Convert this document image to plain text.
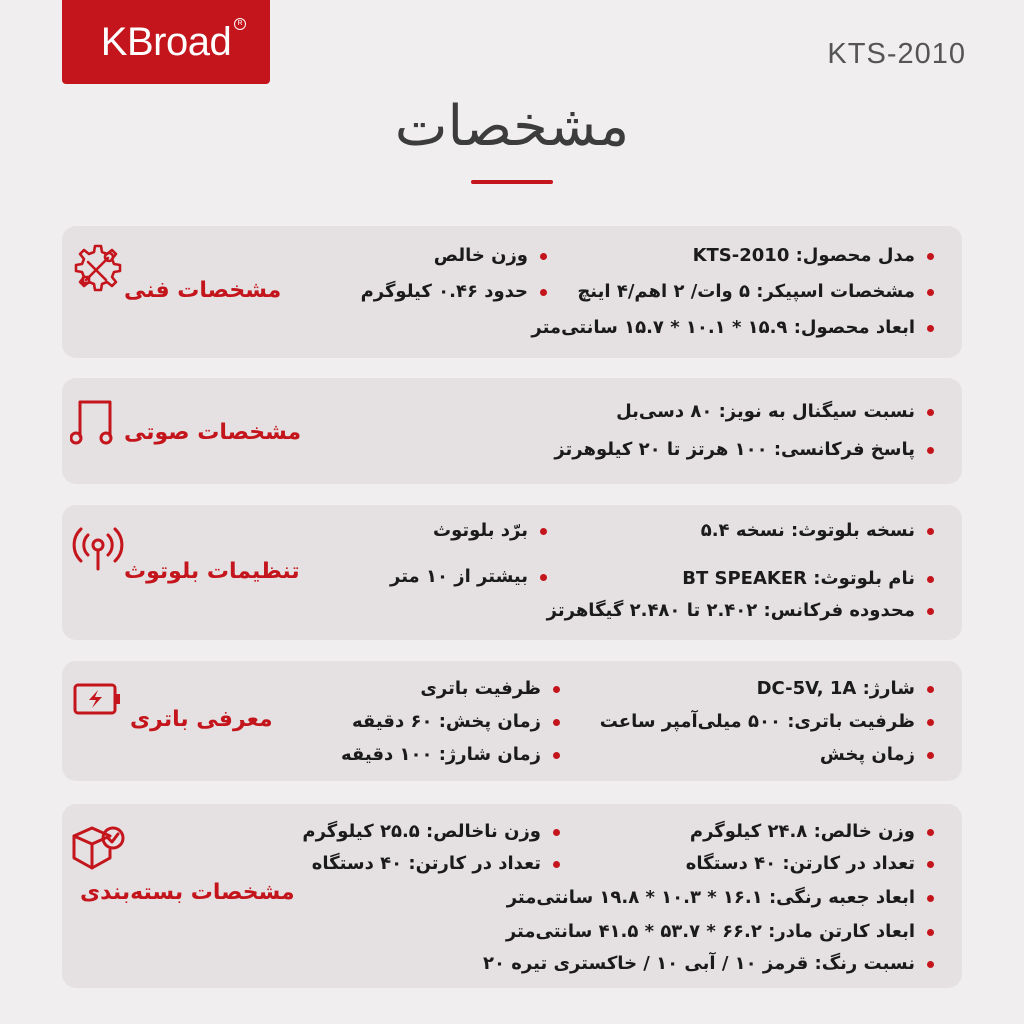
KBroad R
KTS-2010
مشخصات
مدل محصول: KTS-2010
مشخصات اسپیکر: ۵ وات/ ۲ اهم/۴ اینچ
ابعاد محصول: ۱۵.۹ * ۱۰.۱ * ۱۵.۷ سانتی‌متر
وزن خالص
حدود ۰.۴۶ کیلوگرم
مشخصات فنی
نسبت سیگنال به نویز: ۸۰ دسی‌بل
پاسخ فرکانسی: ۱۰۰ هرتز تا ۲۰ کیلوهرتز
مشخصات صوتی
نسخه بلوتوث: نسخه ۵.۴
نام بلوتوث: BT SPEAKER
محدوده فرکانس: ۲.۴۰۲ تا ۲.۴۸۰ گیگاهرتز
برّد بلوتوث
بیشتر از ۱۰ متر
تنظیمات بلوتوث
شارژ: DC-5V, 1A
ظرفیت باتری: ۵۰۰ میلی‌آمپر ساعت
زمان پخش
ظرفیت باتری
زمان پخش: ۶۰ دقیقه
زمان شارژ: ۱۰۰ دقیقه
معرفی باتری
وزن خالص: ۲۴.۸ کیلوگرم
تعداد در کارتن: ۴۰ دستگاه
ابعاد جعبه رنگی: ۱۶.۱ * ۱۰.۳ * ۱۹.۸ سانتی‌متر
ابعاد کارتن مادر: ۶۶.۲ * ۵۳.۷ * ۴۱.۵ سانتی‌متر
نسبت رنگ: قرمز ۱۰ / آبی ۱۰ / خاکستری تیره ۲۰
وزن ناخالص: ۲۵.۵ کیلوگرم
تعداد در کارتن: ۴۰ دستگاه
مشخصات بسته‌بندی
